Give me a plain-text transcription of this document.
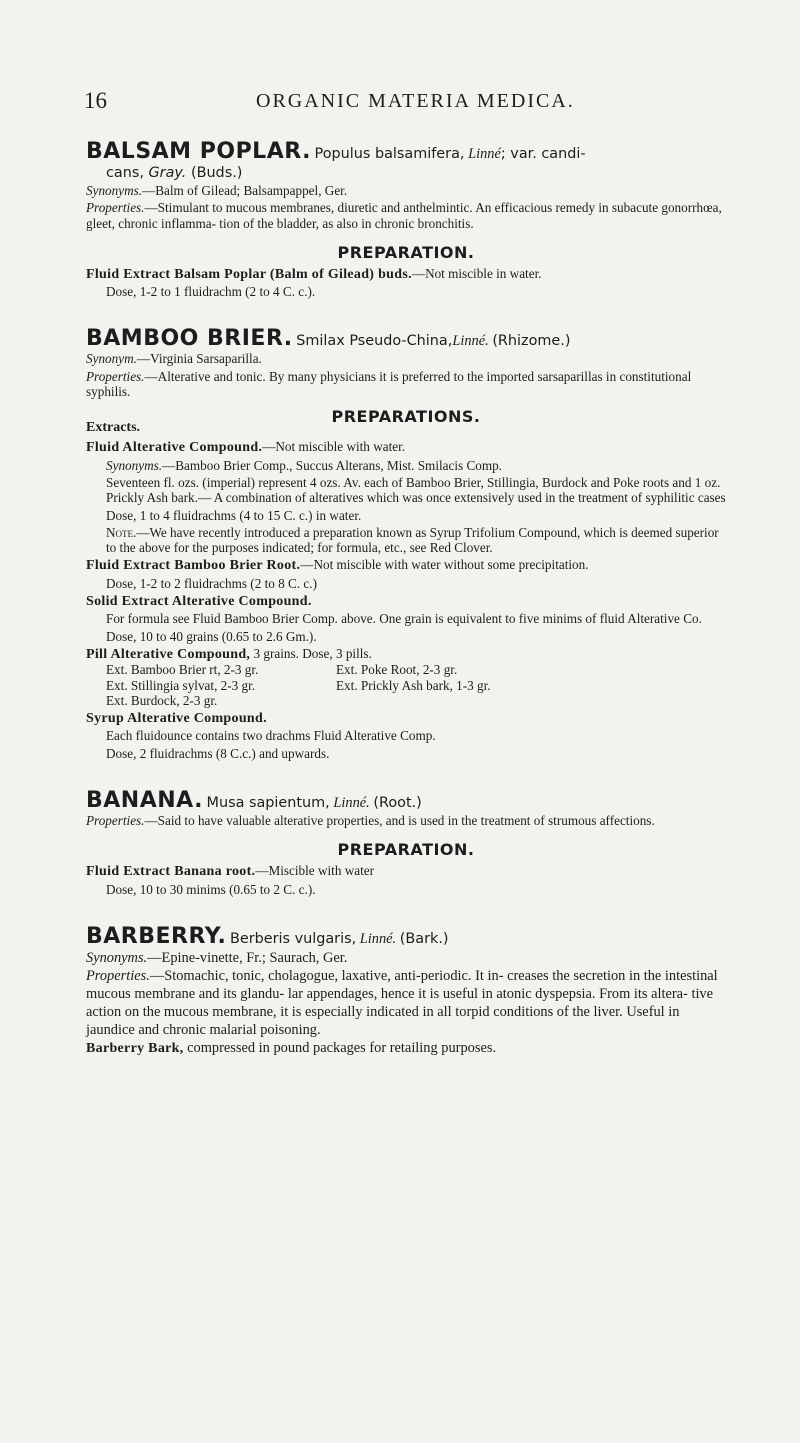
16	ORGANIC MATERIA MEDICA.
BALSAM POPLAR. Populus balsamifera, Linné; var. candi-
cans, Gray. (Buds.)

Synonyms.—Balm of Gilead; Balsampappel, Ger.

Properties.—Stimulant to mucous membranes, diuretic and anthelmintic. An efficacious remedy in subacute gonorrhœa, gleet, chronic inflamma- tion of the bladder, as also in chronic bronchitis.

PREPARATION.

Fluid Extract Balsam Poplar (Balm of Gilead) buds.—Not miscible in water.

Dose, 1-2 to 1 fluidrachm (2 to 4 C. c.).

BAMBOO BRIER. Smilax Pseudo-China,Linné. (Rhizome.)

Synonym.—Virginia Sarsaparilla.

Properties.—Alterative and tonic. By many physicians it is preferred to the imported sarsaparillas in constitutional syphilis.

PREPARATIONS.
Extracts.

Fluid Alterative Compound.—Not miscible with water.

Synonyms.—Bamboo Brier Comp., Succus Alterans, Mist. Smilacis Comp.

Seventeen fl. ozs. (imperial) represent 4 ozs. Av. each of Bamboo Brier, Stillingia, Burdock and Poke roots and 1 oz. Prickly Ash bark.— A combination of alteratives which was once extensively used in the treatment of syphilitic cases

Dose, 1 to 4 fluidrachms (4 to 15 C. c.) in water.

Note.—We have recently introduced a preparation known as Syrup Trifolium Compound, which is deemed superior to the above for the purposes indicated; for formula, etc., see Red Clover.

Fluid Extract Bamboo Brier Root.—Not miscible with water without some precipitation.

Dose, 1-2 to 2 fluidrachms (2 to 8 C. c.)

Solid Extract Alterative Compound.

For formula see Fluid Bamboo Brier Comp. above. One grain is equivalent to five minims of fluid Alterative Co.

Dose, 10 to 40 grains (0.65 to 2.6 Gm.).

Pill Alterative Compound, 3 grains. Dose, 3 pills.

Ext. Bamboo Brier rt, 2-3 gr.	Ext. Poke Root, 2-3 gr.
Ext. Stillingia sylvat, 2-3 gr.	Ext. Prickly Ash bark, 1-3 gr.
Ext. Burdock, 2-3 gr.

Syrup Alterative Compound.

Each fluidounce contains two drachms Fluid Alterative Comp.

Dose, 2 fluidrachms (8 C.c.) and upwards.

BANANA. Musa sapientum, Linné. (Root.)

Properties.—Said to have valuable alterative properties, and is used in the treatment of strumous affections.

PREPARATION.

Fluid Extract Banana root.—Miscible with water

Dose, 10 to 30 minims (0.65 to 2 C. c.).

BARBERRY. Berberis vulgaris, Linné. (Bark.)

Synonyms.—Epine-vinette, Fr.; Saurach, Ger.

Properties.—Stomachic, tonic, cholagogue, laxative, anti-periodic. It in- creases the secretion in the intestinal mucous membrane and its glandu- lar appendages, hence it is useful in atonic dyspepsia. From its altera- tive action on the mucous membrane, it is especially indicated in all torpid conditions of the liver. Useful in jaundice and chronic malarial poisoning.

Barberry Bark, compressed in pound packages for retailing purposes.
